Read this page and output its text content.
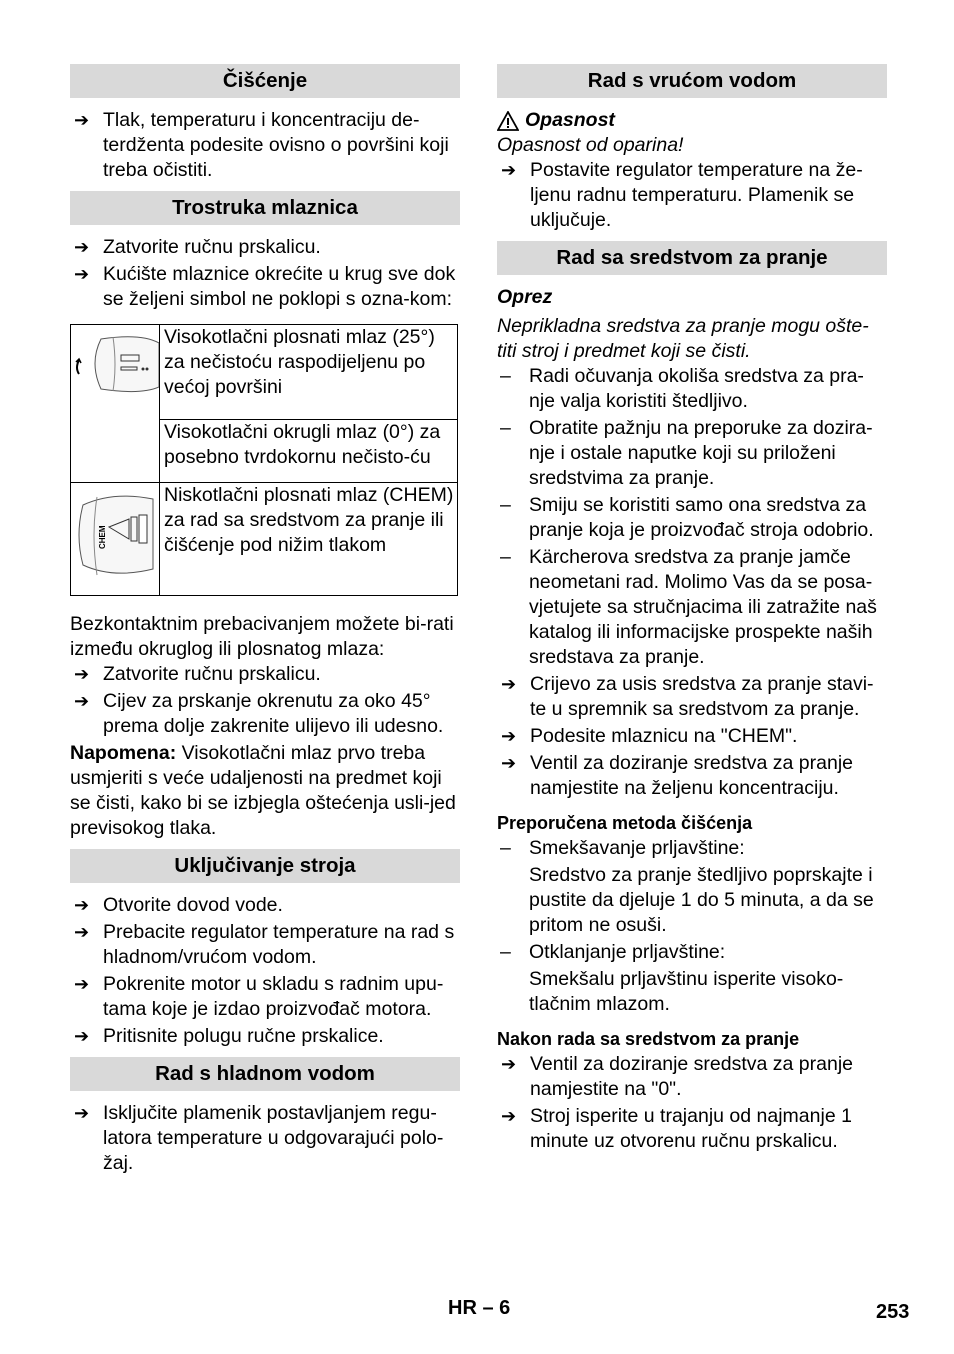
Čišćenje
➔ Tlak, temperaturu i koncentraciju de-terdženta podesite ovisno o površini koji treba očistiti.
Trostruka mlaznica
➔ Zatvorite ručnu prskalicu.
➔ Kućište mlaznice okrećite u krug sve dok se željeni simbol ne poklopi s ozna-kom:
	Visokotlačni plosnati mlaz (25°) za nečistoću raspodijeljenu po većoj površini
	Visokotlačni okrugli mlaz (0°) za posebno tvrdokornu nečisto-ću

CHEM	Niskotlačni plosnati mlaz (CHEM) za rad sa sredstvom za pranje ili čišćenje pod nižim tlakom

Bezkontaktnim prebacivanjem možete bi-rati između okruglog ili plosnatog mlaza:

➔ Zatvorite ručnu prskalicu.
➔ Cijev za prskanje okrenutu za oko 45° prema dolje zakrenite ulijevo ili udesno.

Napomena: Visokotlačni mlaz prvo treba usmjeriti s veće udaljenosti na predmet koji se čisti, kako bi se izbjegla oštećenja usli-jed previsokog tlaka.

Uključivanje stroja
➔ Otvorite dovod vode.
➔ Prebacite regulator temperature na rad s hladnom/vrućom vodom.
➔ Pokrenite motor u skladu s radnim upu-tama koje je izdao proizvođač motora.
➔ Pritisnite polugu ručne prskalice.
Rad s hladnom vodom
➔ Isključite plamenik postavljanjem regu-latora temperature u odgovarajući polo-žaj.
Rad s vrućom vodom
Opasnost

Opasnost od oparina!

➔ Postavite regulator temperature na že-ljenu radnu temperaturu. Plamenik se uključuje.
Rad sa sredstvom za pranje

Oprez

Neprikladna sredstva za pranje mogu ošte-titi stroj i predmet koji se čisti.

– Radi očuvanja okoliša sredstva za pra-nje valja koristiti štedljivo.
– Obratite pažnju na preporuke za dozira-nje i ostale naputke koji su priloženi sredstvima za pranje.
– Smiju se koristiti samo ona sredstva za pranje koja je proizvođač stroja odobrio.
– Kärcherova sredstva za pranje jamče neometani rad. Molimo Vas da se posa-vjetujete sa stručnjacima ili zatražite naš katalog ili informacijske prospekte naših sredstava za pranje.
➔ Crijevo za usis sredstva za pranje stavi-te u spremnik sa sredstvom za pranje.
➔ Podesite mlaznicu na "CHEM".
➔ Ventil za doziranje sredstva za pranje namjestite na željenu koncentraciju.

Preporučena metoda čišćenja

– Smekšavanje prljavštine:

Sredstvo za pranje štedljivo poprskajte i pustite da djeluje 1 do 5 minuta, a da se pritom ne osuši.

– Otklanjanje prljavštine:

Smekšalu prljavštinu isperite visoko-tlačnim mlazom.

Nakon rada sa sredstvom za pranje

➔ Ventil za doziranje sredstva za pranje namjestite na "0".
➔ Stroj isperite u trajanju od najmanje 1 minute uz otvorenu ručnu prskalicu.
HR – 6	253
